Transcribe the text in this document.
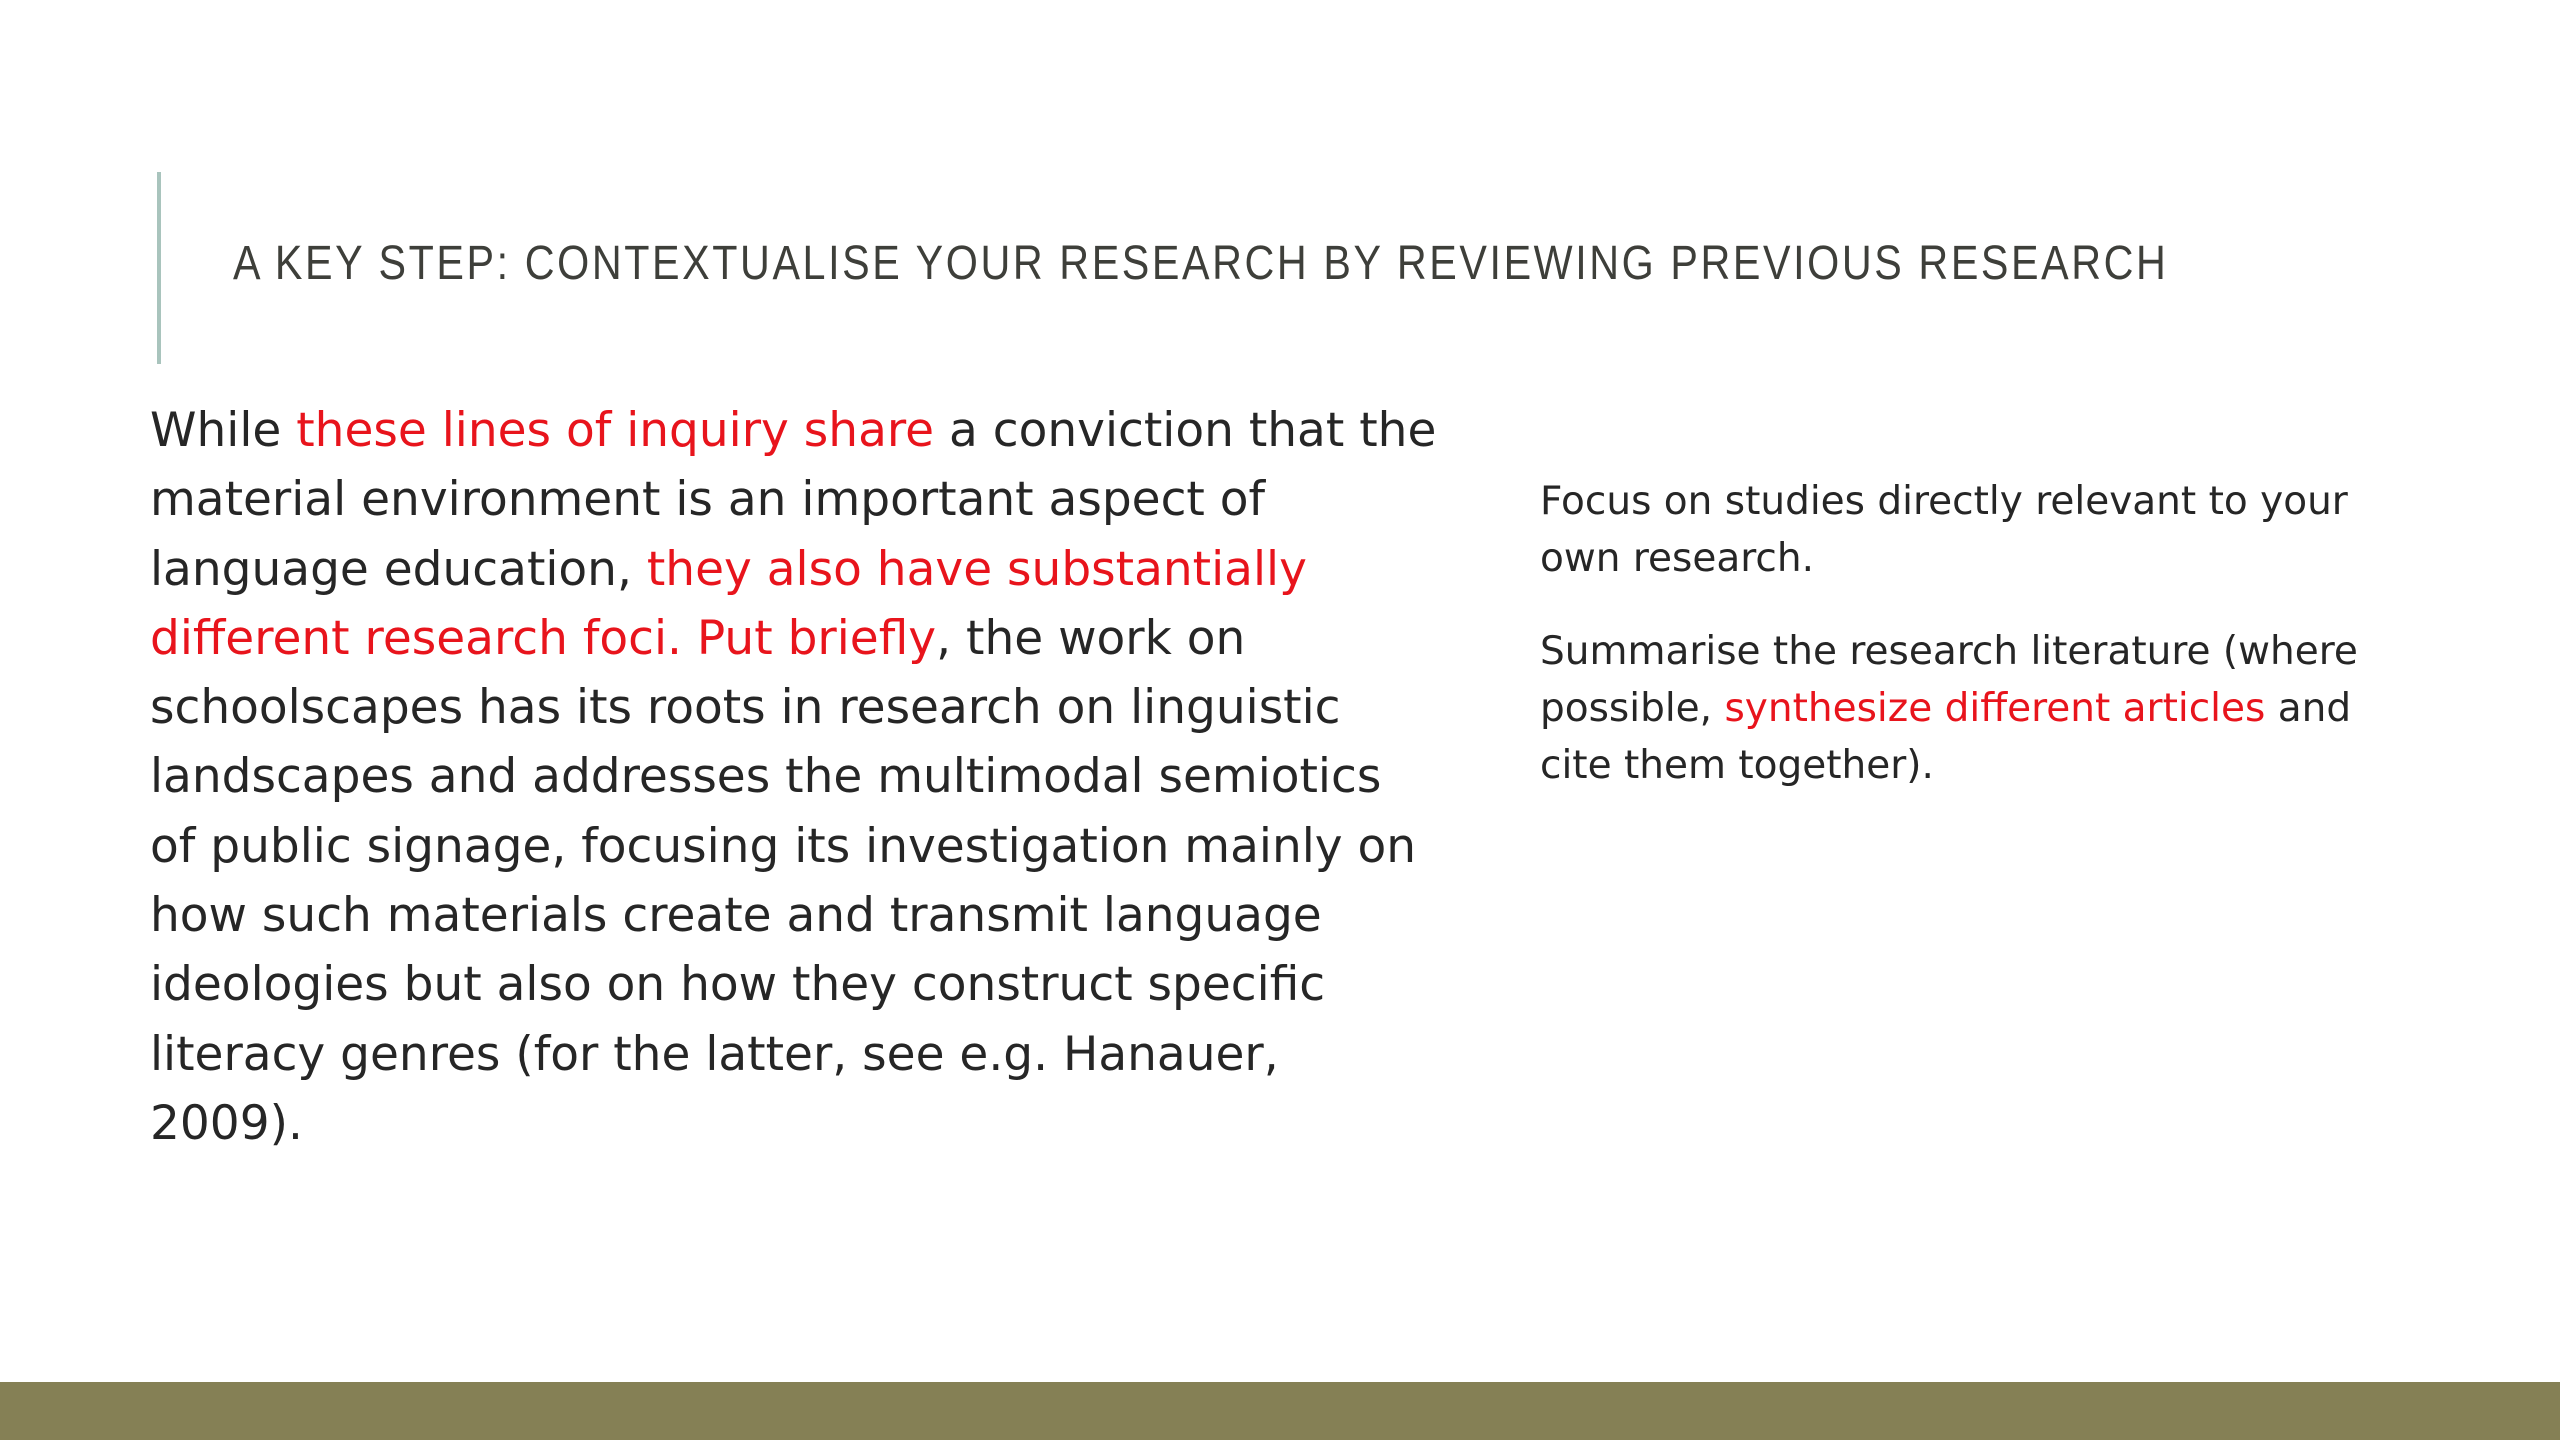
A KEY STEP: CONTEXTUALISE YOUR RESEARCH BY REVIEWING PREVIOUS RESEARCH

While these lines of inquiry share a conviction that the material environment is an important aspect of language education, they also have substantially different research foci. Put briefly, the work on schoolscapes has its roots in research on linguistic landscapes and addresses the multimodal semiotics of public signage, focusing its investigation mainly on how such materials create and transmit language ideologies but also on how they construct specific literacy genres (for the latter, see e.g. Hanauer, 2009).

Focus on studies directly relevant to your own research.

Summarise the research literature (where possible, synthesize different articles and cite them together).
